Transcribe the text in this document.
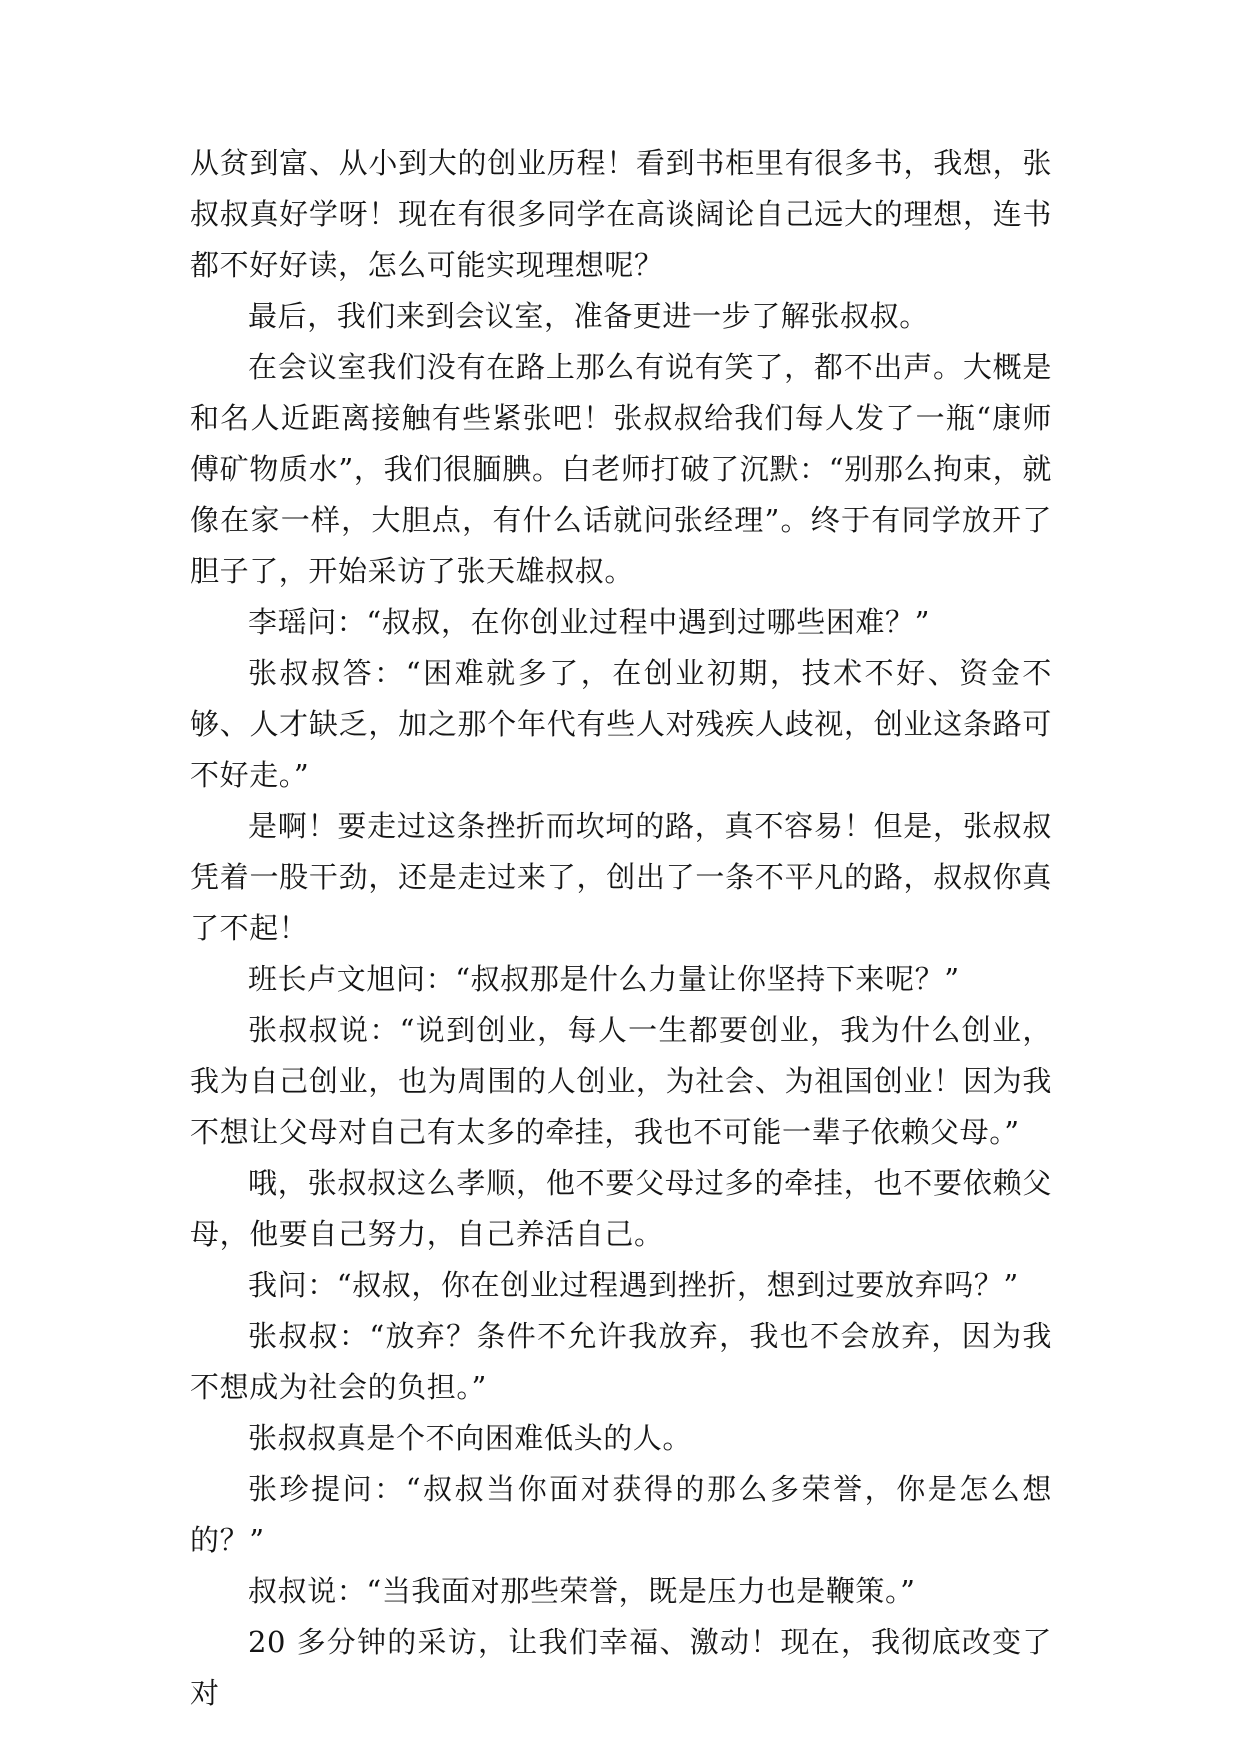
从贫到富、从小到大的创业历程！看到书柜里有很多书，我想，张叔叔真好学呀！现在有很多同学在高谈阔论自己远大的理想，连书都不好好读，怎么可能实现理想呢？

最后，我们来到会议室，准备更进一步了解张叔叔。

在会议室我们没有在路上那么有说有笑了，都不出声。大概是和名人近距离接触有些紧张吧！张叔叔给我们每人发了一瓶“康师傅矿物质水”，我们很腼腆。白老师打破了沉默：“别那么拘束，就像在家一样，大胆点，有什么话就问张经理”。终于有同学放开了胆子了，开始采访了张天雄叔叔。

李瑶问：“叔叔，在你创业过程中遇到过哪些困难？”

张叔叔答：“困难就多了，在创业初期，技术不好、资金不够、人才缺乏，加之那个年代有些人对残疾人歧视，创业这条路可不好走。”

是啊！要走过这条挫折而坎坷的路，真不容易！但是，张叔叔凭着一股干劲，还是走过来了，创出了一条不平凡的路，叔叔你真了不起！

班长卢文旭问：“叔叔那是什么力量让你坚持下来呢？”

张叔叔说：“说到创业，每人一生都要创业，我为什么创业，我为自己创业，也为周围的人创业，为社会、为祖国创业！因为我不想让父母对自己有太多的牵挂，我也不可能一辈子依赖父母。”

哦，张叔叔这么孝顺，他不要父母过多的牵挂，也不要依赖父母，他要自己努力，自己养活自己。

我问：“叔叔，你在创业过程遇到挫折，想到过要放弃吗？”

张叔叔：“放弃？条件不允许我放弃，我也不会放弃，因为我不想成为社会的负担。”

张叔叔真是个不向困难低头的人。

张珍提问：“叔叔当你面对获得的那么多荣誉，你是怎么想的？”

叔叔说：“当我面对那些荣誉，既是压力也是鞭策。”

20 多分钟的采访，让我们幸福、激动！现在，我彻底改变了对
